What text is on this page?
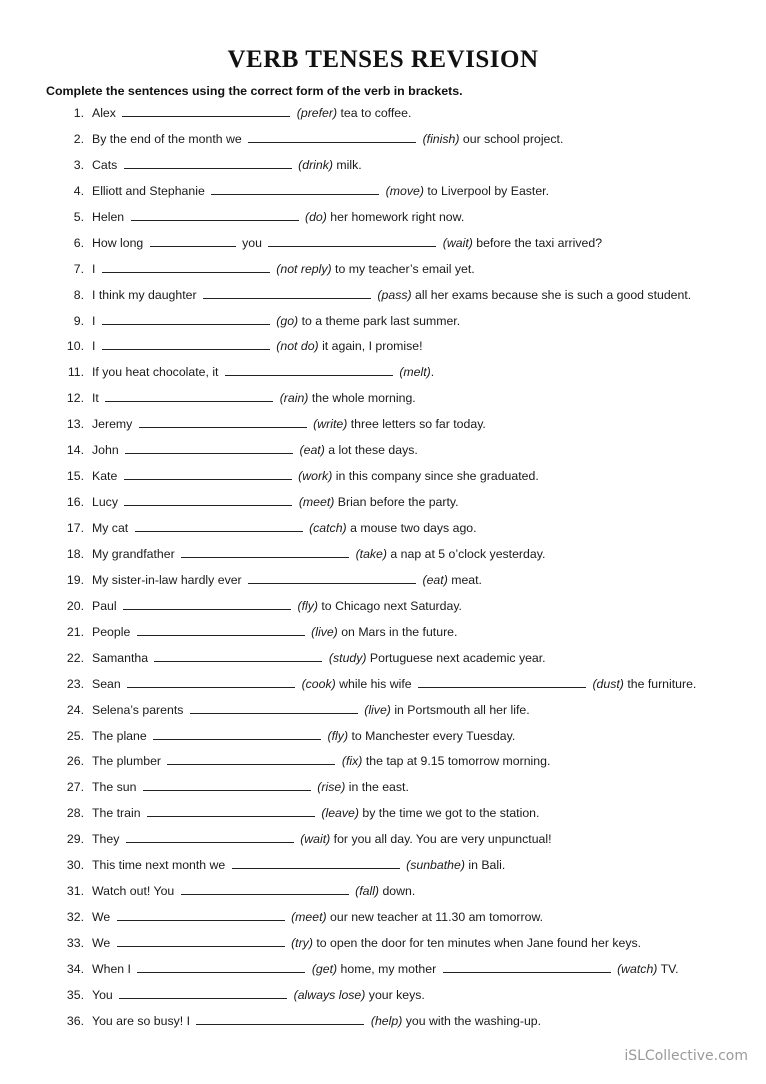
VERB TENSES REVISION
Complete the sentences using the correct form of the verb in brackets.
1. Alex	(prefer) tea to coffee.
2. By the end of the month we	(finish) our school project.
3. Cats	(drink) milk.
4. Elliott and Stephanie	(move) to Liverpool by Easter.
5. Helen	(do) her homework right now.
6. How long	you	(wait) before the taxi arrived?
7. I	(not reply) to my teacher’s email yet.
8. I think my daughter	(pass) all her exams because she is such a good student.
9. I	(go) to a theme park last summer.
10. I	(not do) it again, I promise!
11. If you heat chocolate, it	(melt).
12. It	(rain) the whole morning.
13. Jeremy	(write) three letters so far today.
14. John	(eat) a lot these days.
15. Kate	(work) in this company since she graduated.
16. Lucy	(meet) Brian before the party.
17. My cat	(catch) a mouse two days ago.
18. My grandfather	(take) a nap at 5 o’clock yesterday.
19. My sister-in-law hardly ever	(eat) meat.
20. Paul	(fly) to Chicago next Saturday.
21. People	(live) on Mars in the future.
22. Samantha	(study) Portuguese next academic year.
23. Sean	(cook) while his wife	(dust) the furniture.
24. Selena’s parents	(live) in Portsmouth all her life.
25. The plane	(fly) to Manchester every Tuesday.
26. The plumber	(fix) the tap at 9.15 tomorrow morning.
27. The sun	(rise) in the east.
28. The train	(leave) by the time we got to the station.
29. They	(wait) for you all day. You are very unpunctual!
30. This time next month we	(sunbathe) in Bali.
31. Watch out! You	(fall) down.
32. We	(meet) our new teacher at 11.30 am tomorrow.
33. We	(try) to open the door for ten minutes when Jane found her keys.
34. When I	(get) home, my mother	(watch) TV.
35. You	(always lose) your keys.
36. You are so busy! I	(help) you with the washing-up.
iSLCollective.com
